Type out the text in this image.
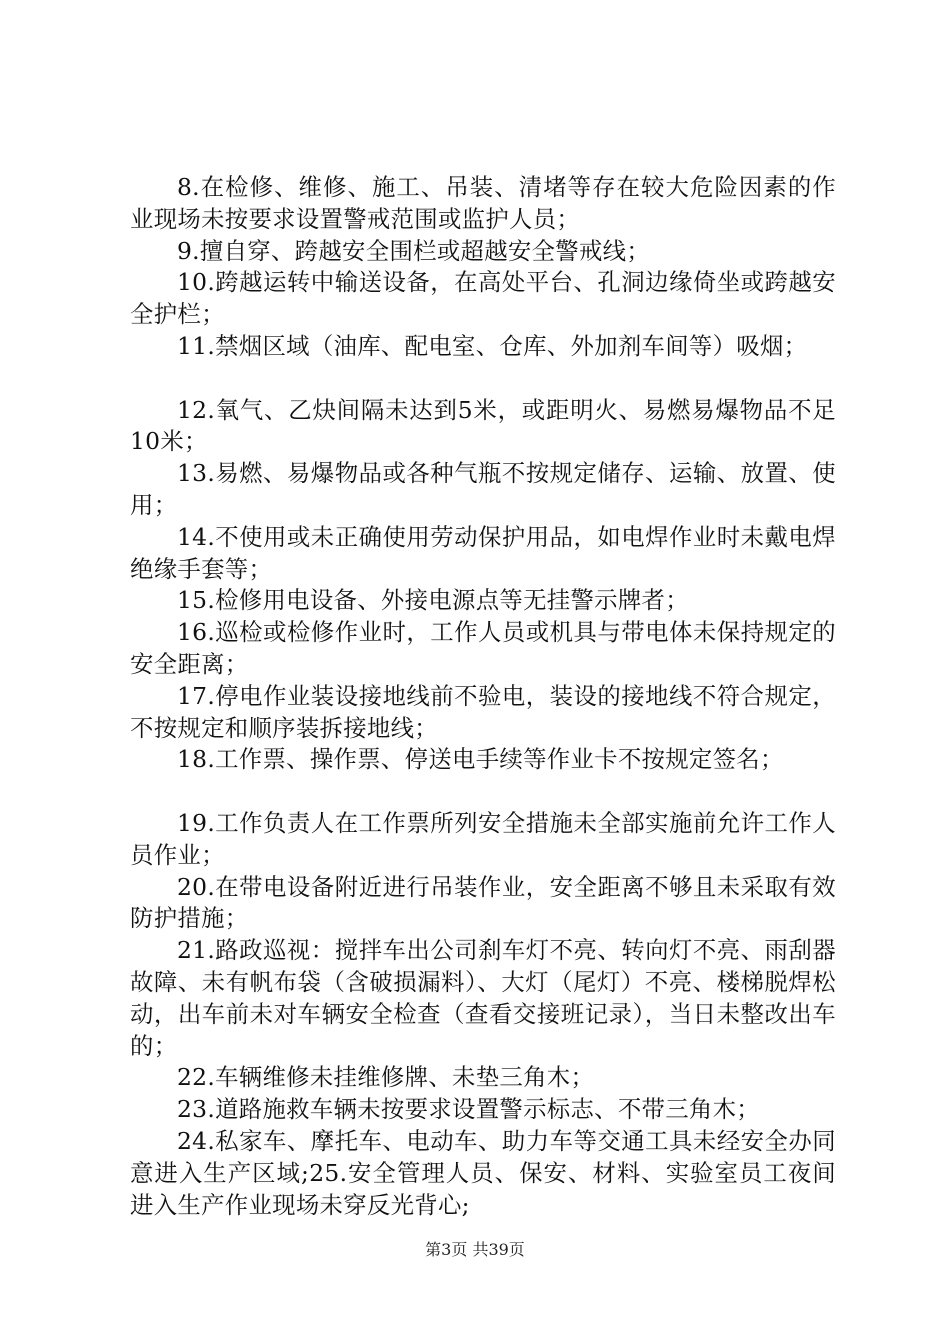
8.在检修、维修、施工、吊装、清堵等存在较大危险因素的作业现场未按要求设置警戒范围或监护人员；

9.擅自穿、跨越安全围栏或超越安全警戒线；

10.跨越运转中输送设备，在高处平台、孔洞边缘倚坐或跨越安全护栏；

11.禁烟区域（油库、配电室、仓库、外加剂车间等）吸烟；

12.氧气、乙炔间隔未达到5米，或距明火、易燃易爆物品不足10米；

13.易燃、易爆物品或各种气瓶不按规定储存、运输、放置、使用；

14.不使用或未正确使用劳动保护用品，如电焊作业时未戴电焊绝缘手套等；

15.检修用电设备、外接电源点等无挂警示牌者；

16.巡检或检修作业时，工作人员或机具与带电体未保持规定的安全距离；

17.停电作业装设接地线前不验电，装设的接地线不符合规定，不按规定和顺序装拆接地线；

18.工作票、操作票、停送电手续等作业卡不按规定签名；

19.工作负责人在工作票所列安全措施未全部实施前允许工作人员作业；

20.在带电设备附近进行吊装作业，安全距离不够且未采取有效防护措施；

21.路政巡视：搅拌车出公司刹车灯不亮、转向灯不亮、雨刮器故障、未有帆布袋（含破损漏料）、大灯（尾灯）不亮、楼梯脱焊松动，出车前未对车辆安全检查（查看交接班记录），当日未整改出车的；

22.车辆维修未挂维修牌、未垫三角木；

23.道路施救车辆未按要求设置警示标志、不带三角木；

24.私家车、摩托车、电动车、助力车等交通工具未经安全办同意进入生产区域;25.安全管理人员、保安、材料、实验室员工夜间进入生产作业现场未穿反光背心;

第3页 共39页
